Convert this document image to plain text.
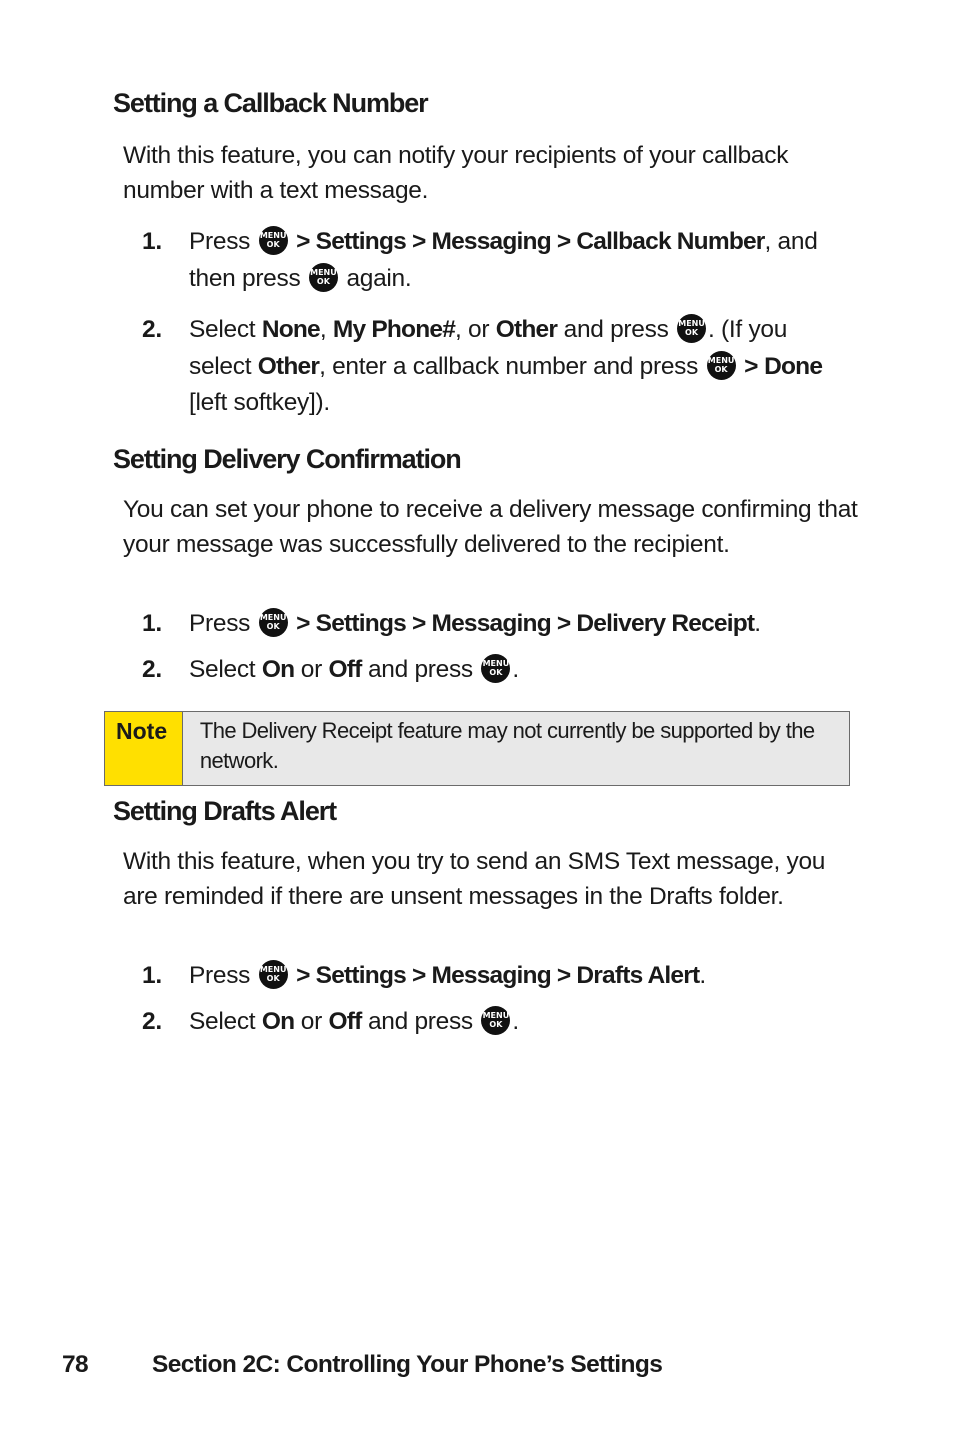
Setting a Callback Number

With this feature, you can notify your recipients of your callback number with a text message.

1. Press MENU OK > Settings > Messaging > Callback Number, and then press MENU OK again.
2. Select None, My Phone#, or Other and press MENU OK . (If you select Other, enter a callback number and press MENU OK > Done [left softkey]).
Setting Delivery Confirmation

You can set your phone to receive a delivery message confirming that your message was successfully delivered to the recipient.

1. Press MENU OK > Settings > Messaging > Delivery Receipt.
2. Select On or Off and press MENU OK .
Note	The Delivery Receipt feature may not currently be supported by the network.
Setting Drafts Alert

With this feature, when you try to send an SMS Text message, you are reminded if there are unsent messages in the Drafts folder.

1. Press MENU OK > Settings > Messaging > Drafts Alert.
2. Select On or Off and press MENU OK .
78	Section 2C: Controlling Your Phone’s Settings
